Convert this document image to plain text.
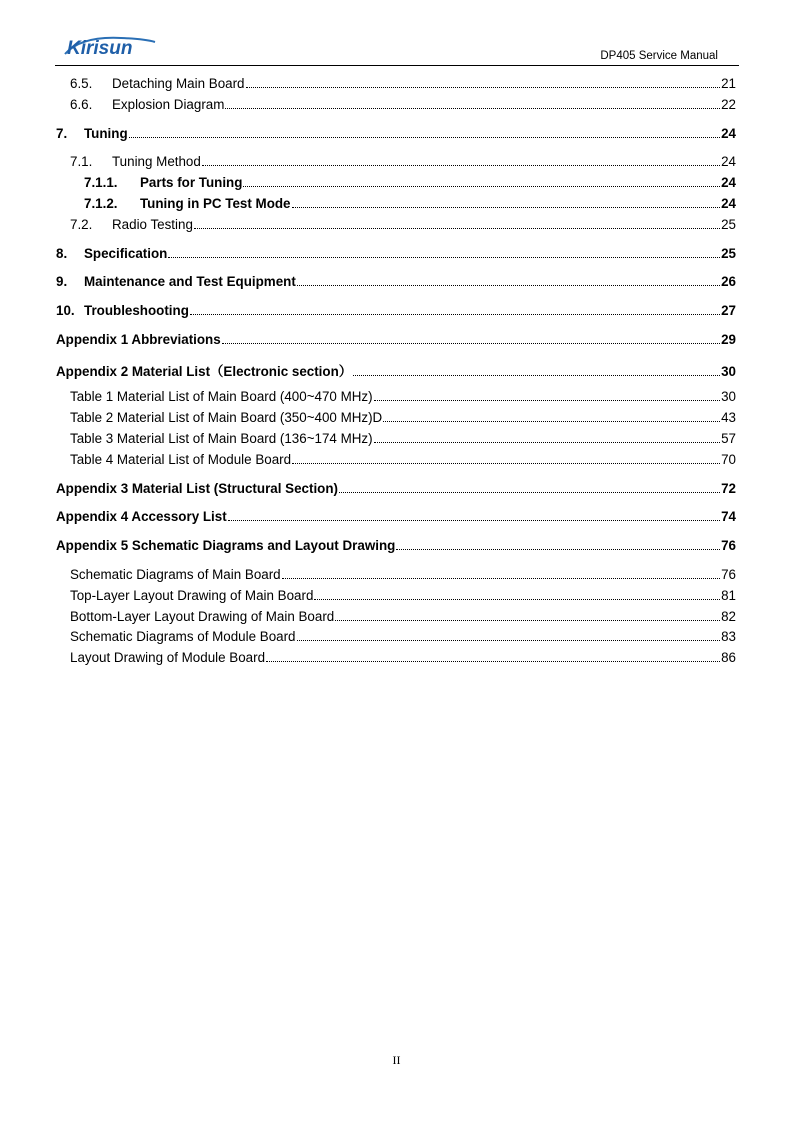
Kirisun	DP405 Service Manual
6.5.	Detaching Main Board	21
6.6.	Explosion Diagram	22
7.	Tuning	24
7.1.	Tuning Method	24
7.1.1.	Parts for Tuning	24
7.1.2.	Tuning in PC Test Mode	24
7.2.	Radio Testing	25
8.	Specification	25
9.	Maintenance and Test Equipment	26
10. Troubleshooting	27
Appendix 1 Abbreviations	29
Appendix 2 Material List（Electronic section）	30
Table 1 Material List of Main Board (400~470 MHz)	30
Table 2 Material List of Main Board (350~400 MHz)D	43
Table 3 Material List of Main Board (136~174 MHz)	57
Table 4 Material List of Module Board	70
Appendix 3 Material List (Structural Section)	72
Appendix 4 Accessory List	74
Appendix 5 Schematic Diagrams and Layout Drawing	76
Schematic Diagrams of Main Board	76
Top-Layer Layout Drawing of Main Board	81
Bottom-Layer Layout Drawing of Main Board	82
Schematic Diagrams of Module Board	83
Layout Drawing of Module Board	86
II
